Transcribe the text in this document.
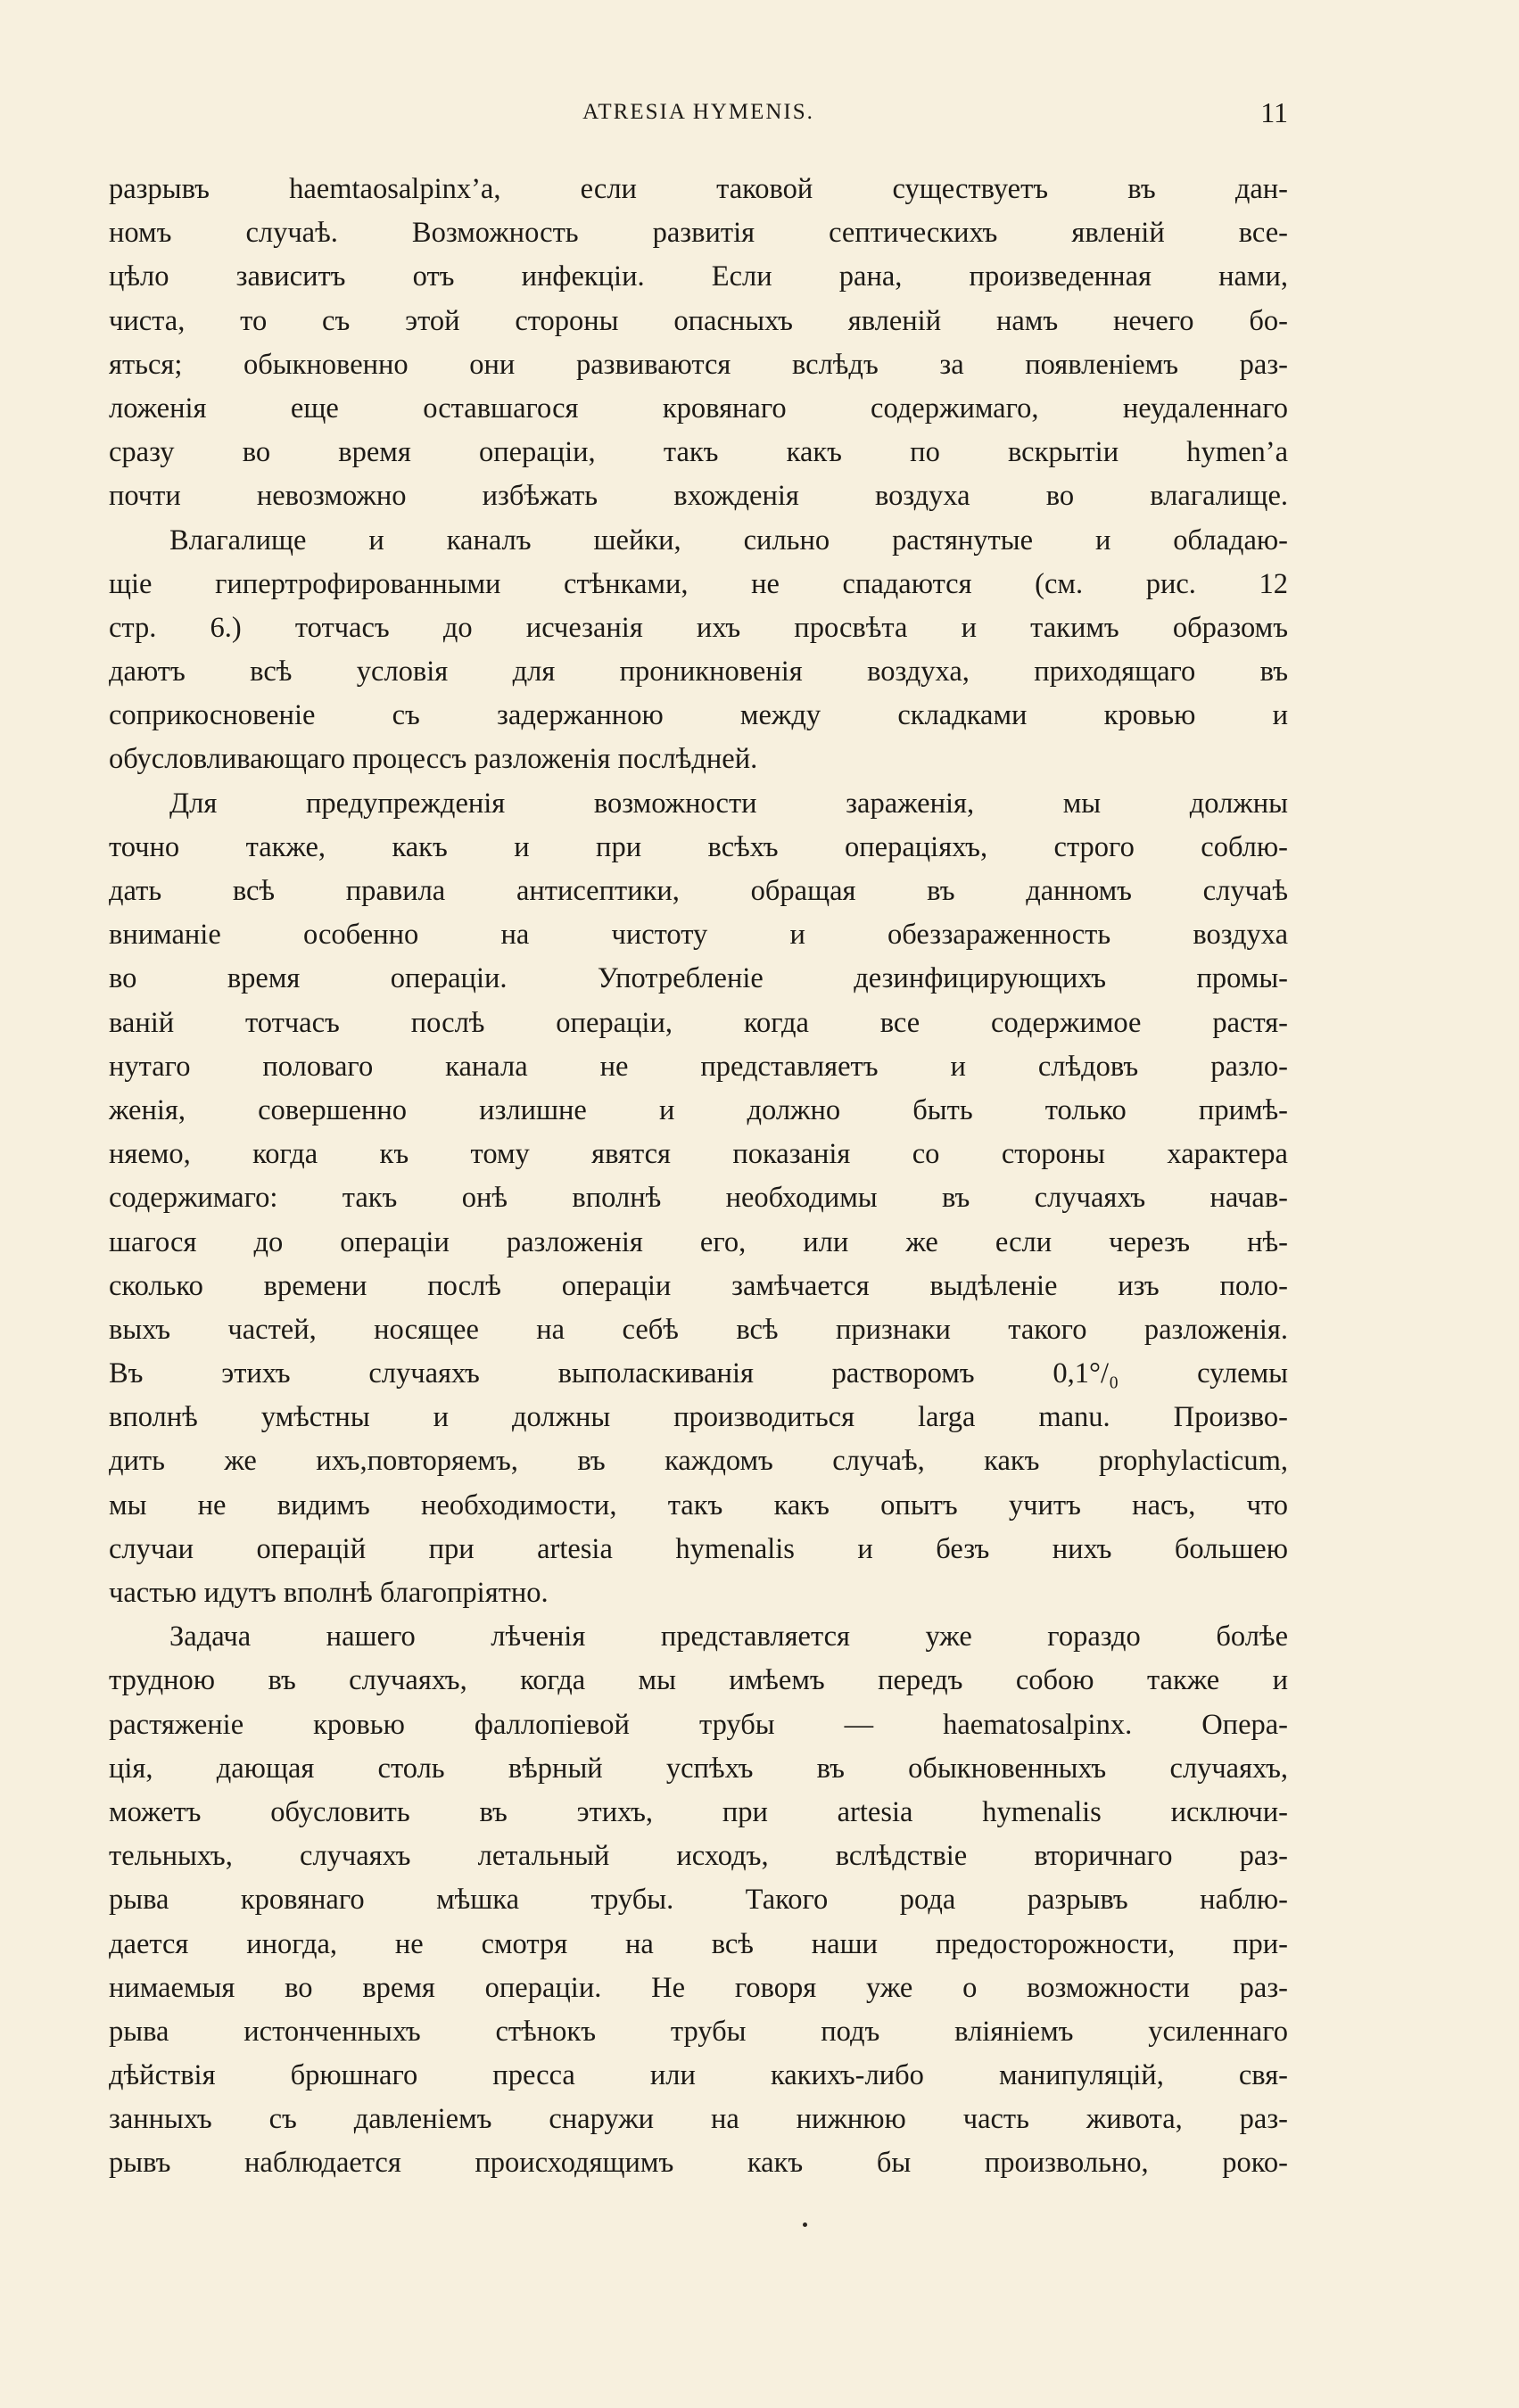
ATRESIA HYMENIS.	11
разрывъ haemtaosalpinx’a, если таковой существуетъ въ дан-
номъ случаѣ. Возможность развитія септическихъ явленій все-
цѣло зависитъ отъ инфекціи. Если рана, произведенная нами,
чиста, то съ этой стороны опасныхъ явленій намъ нечего бо-
яться; обыкновенно они развиваются вслѣдъ за появленіемъ раз-
ложенія еще оставшагося кровянаго содержимаго, неудаленнаго
сразу во время операціи, такъ какъ по вскрытіи hymen’a
почти невозможно избѣжать вхожденія воздуха во влагалище.
Влагалище и каналъ шейки, сильно растянутые и обладаю-
щіе гипертрофированными стѣнками, не спадаются (см. рис. 12
стр. 6.) тотчасъ до исчезанія ихъ просвѣта и такимъ образомъ
даютъ всѣ условія для проникновенія воздуха, приходящаго въ
соприкосновеніе съ задержанною между складками кровью и
обусловливающаго процессъ разложенія послѣдней.
Для предупрежденія возможности зараженія, мы должны
точно также, какъ и при всѣхъ операціяхъ, строго соблю-
дать всѣ правила антисептики, обращая въ данномъ случаѣ
вниманіе особенно на чистоту и обеззараженность воздуха
во время операціи. Употребленіе дезинфицирующихъ промы-
ваній тотчасъ послѣ операціи, когда все содержимое растя-
нутаго половаго канала не представляетъ и слѣдовъ разло-
женія, совершенно излишне и должно быть только примѣ-
няемо, когда къ тому явятся показанія со стороны характера
содержимаго: такъ онѣ вполнѣ необходимы въ случаяхъ начав-
шагося до операціи разложенія его, или же если черезъ нѣ-
сколько времени послѣ операціи замѣчается выдѣленіе изъ поло-
выхъ частей, носящее на себѣ всѣ признаки такого разложенія.
Въ этихъ случаяхъ выполаскиванія растворомъ 0,1°/₀ сулемы
вполнѣ умѣстны и должны производиться larga manu. Произво-
дить же ихъ,повторяемъ, въ каждомъ случаѣ, какъ prophylacticum,
мы не видимъ необходимости, такъ какъ опытъ учитъ насъ, что
случаи операцій при artesia hymenalis и безъ нихъ большею
частью идутъ вполнѣ благопріятно.
Задача нашего лѣченія представляется уже гораздо болѣе
трудною въ случаяхъ, когда мы имѣемъ передъ собою также и
растяженіе кровью фаллопіевой трубы — haematosalpinx. Опера-
ція, дающая столь вѣрный успѣхъ въ обыкновенныхъ случаяхъ,
можетъ обусловить въ этихъ, при artesia hymenalis исключи-
тельныхъ, случаяхъ летальный исходъ, вслѣдствіе вторичнаго раз-
рыва кровянаго мѣшка трубы. Такого рода разрывъ наблю-
дается иногда, не смотря на всѣ наши предосторожности, при-
нимаемыя во время операціи. Не говоря уже о возможности раз-
рыва истонченныхъ стѣнокъ трубы подъ вліяніемъ усиленнаго
дѣйствія брюшнаго пресса или какихъ-либо манипуляцій, свя-
занныхъ съ давленіемъ снаружи на нижнюю часть живота, раз-
рывъ наблюдается происходящимъ какъ бы произвольно, роко-
